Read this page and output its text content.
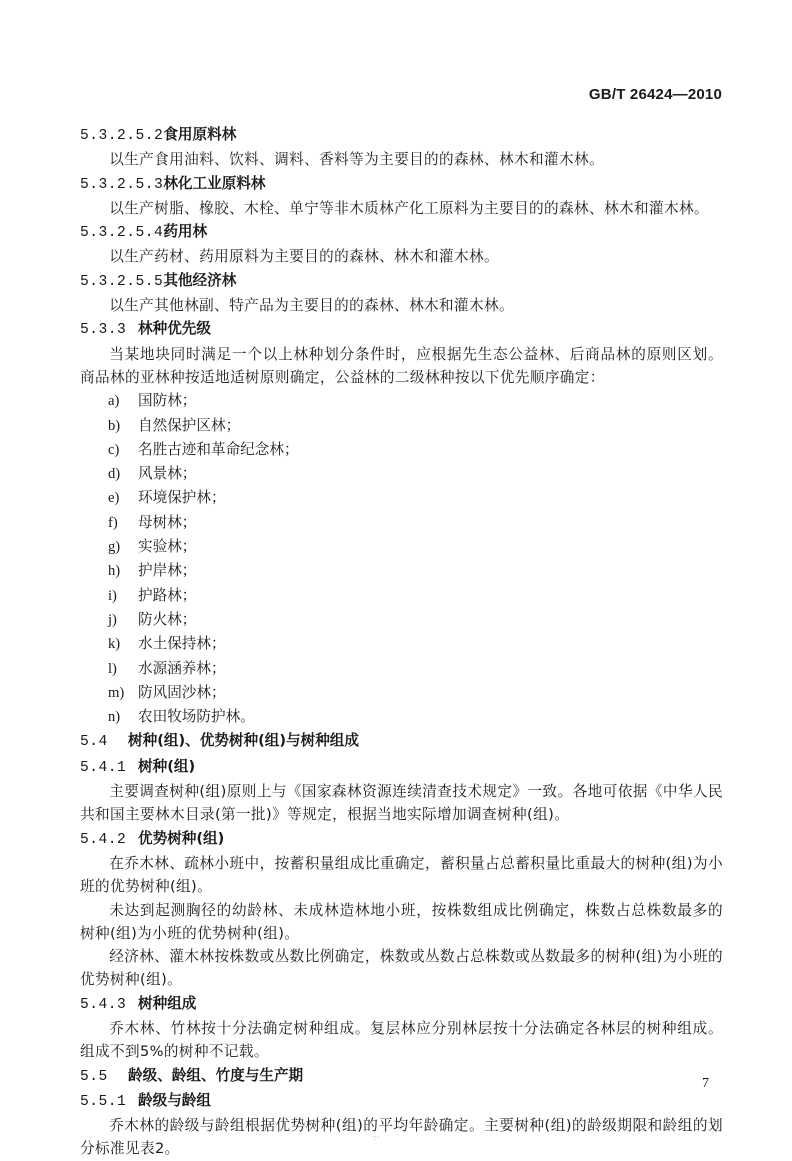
GB/T 26424—2010
5.3.2.5.2食用原料林
以生产食用油料、饮料、调料、香料等为主要目的的森林、林木和灌木林。
5.3.2.5.3林化工业原料林
以生产树脂、橡胶、木栓、单宁等非木质林产化工原料为主要目的的森林、林木和灌木林。
5.3.2.5.4药用林
以生产药材、药用原料为主要目的的森林、林木和灌木林。
5.3.2.5.5其他经济林
以生产其他林副、特产品为主要目的的森林、林木和灌木林。
5.3.3 林种优先级
当某地块同时满足一个以上林种划分条件时，应根据先生态公益林、后商品林的原则区划。商品林的亚林种按适地适树原则确定，公益林的二级林种按以下优先顺序确定：
a) 国防林；
b) 自然保护区林；
c) 名胜古迹和革命纪念林；
d) 风景林；
e) 环境保护林；
f) 母树林；
g) 实验林；
h) 护岸林；
i) 护路林；
j) 防火林；
k) 水土保持林；
l) 水源涵养林；
m) 防风固沙林；
n) 农田牧场防护林。
5.4 树种(组)、优势树种(组)与树种组成
5.4.1 树种(组)
主要调查树种(组)原则上与《国家森林资源连续清查技术规定》一致。各地可依据《中华人民共和国主要林木目录(第一批)》等规定，根据当地实际增加调查树种(组)。
5.4.2 优势树种(组)
在乔木林、疏林小班中，按蓄积量组成比重确定，蓄积量占总蓄积量比重最大的树种(组)为小班的优势树种(组)。
未达到起测胸径的幼龄林、未成林造林地小班，按株数组成比例确定，株数占总株数最多的树种(组)为小班的优势树种(组)。
经济林、灌木林按株数或丛数比例确定，株数或丛数占总株数或丛数最多的树种(组)为小班的优势树种(组)。
5.4.3 树种组成
乔木林、竹林按十分法确定树种组成。复层林应分别林层按十分法确定各林层的树种组成。组成不到5%的树种不记载。
5.5 龄级、龄组、竹度与生产期
5.5.1 龄级与龄组
乔木林的龄级与龄组根据优势树种(组)的平均年龄确定。主要树种(组)的龄级期限和龄组的划分标准见表2。
7
·:·
